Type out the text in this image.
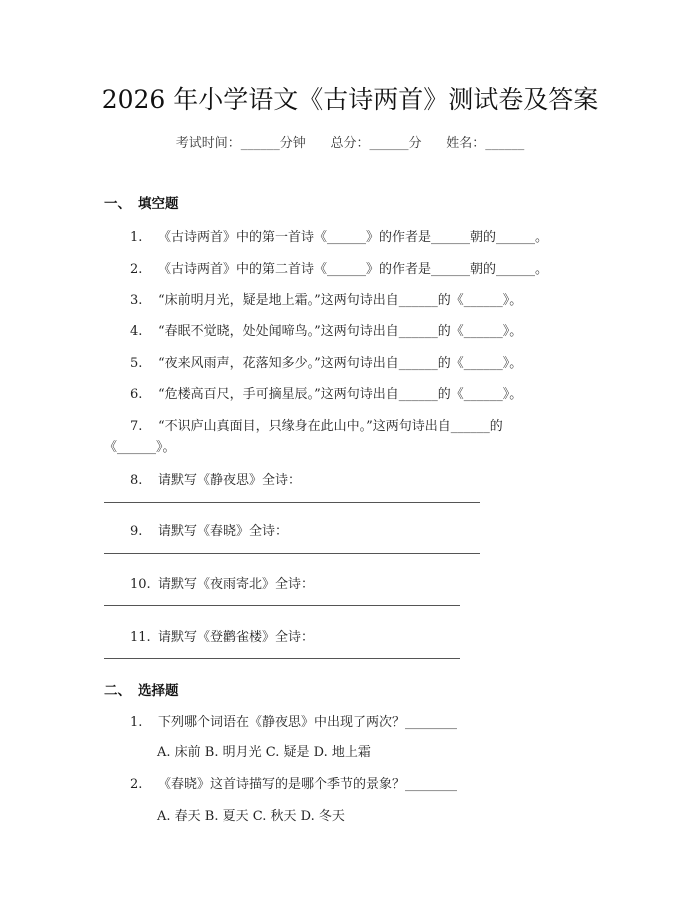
2026 年小学语文《古诗两首》测试卷及答案
考试时间：______分钟      总分：______分      姓名：______
一、 填空题
1. 《古诗两首》中的第一首诗《______》的作者是______朝的______。
2. 《古诗两首》中的第二首诗《______》的作者是______朝的______。
3. “床前明月光，疑是地上霜。”这两句诗出自______的《______》。
4. “春眠不觉晓，处处闻啼鸟。”这两句诗出自______的《______》。
5. “夜来风雨声，花落知多少。”这两句诗出自______的《______》。
6. “危楼高百尺，手可摘星辰。”这两句诗出自______的《______》。
7. “不识庐山真面目，只缘身在此山中。”这两句诗出自______的
《______》。
8. 请默写《静夜思》全诗：
9. 请默写《春晓》全诗：
10. 请默写《夜雨寄北》全诗：
11. 请默写《登鹳雀楼》全诗：
二、 选择题
1. 下列哪个词语在《静夜思》中出现了两次？________
A. 床前 B. 明月光 C. 疑是 D. 地上霜
2. 《春晓》这首诗描写的是哪个季节的景象？________
A. 春天 B. 夏天 C. 秋天 D. 冬天
